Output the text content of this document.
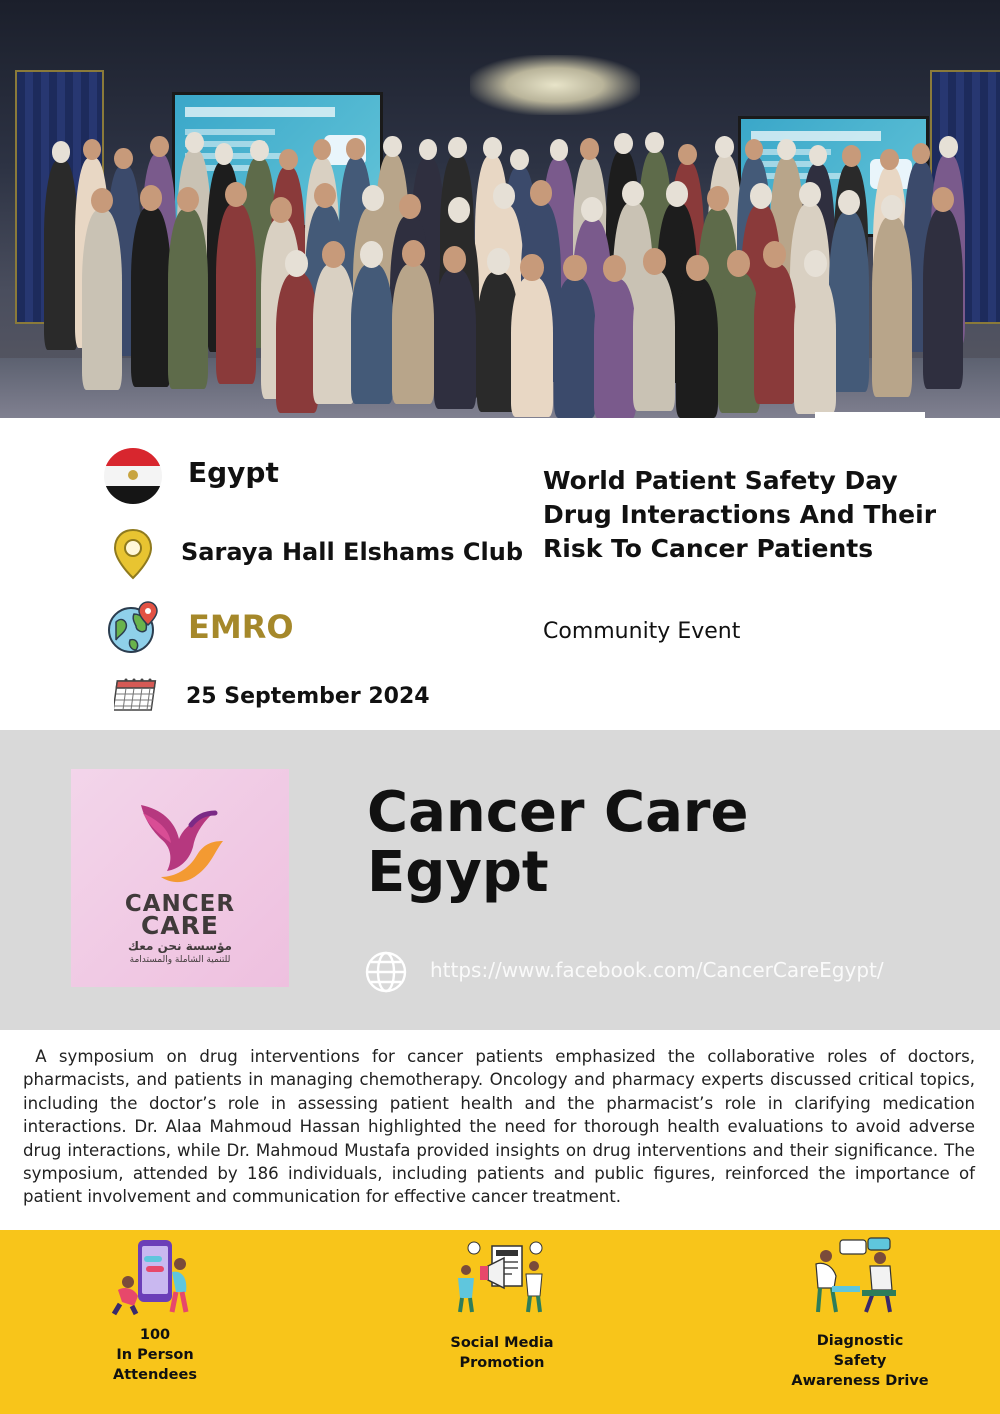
Egypt
Saraya Hall Elshams Club
EMRO
25 September 2024
World Patient Safety Day Drug Interactions And Their Risk To Cancer Patients
Community Event
CANCER
CARE
مؤسسة نحن معك
للتنمية الشاملة والمستدامة
Cancer Care
Egypt
https://www.facebook.com/CancerCareEgypt/
A symposium on drug interventions for cancer patients emphasized the collaborative roles of doctors, pharmacists, and patients in managing chemotherapy. Oncology and pharmacy experts discussed critical topics, including the doctor’s role in assessing patient health and the pharmacist’s role in clarifying medication interactions. Dr. Alaa Mahmoud Hassan highlighted the need for thorough health evaluations to avoid adverse drug interactions, while Dr. Mahmoud Mustafa provided insights on drug interventions and their significance. The symposium, attended by 186 individuals, including patients and public figures, reinforced the importance of patient involvement and communication for effective cancer treatment.
100
In Person
Attendees
Social Media
Promotion
Diagnostic
Safety
Awareness Drive
